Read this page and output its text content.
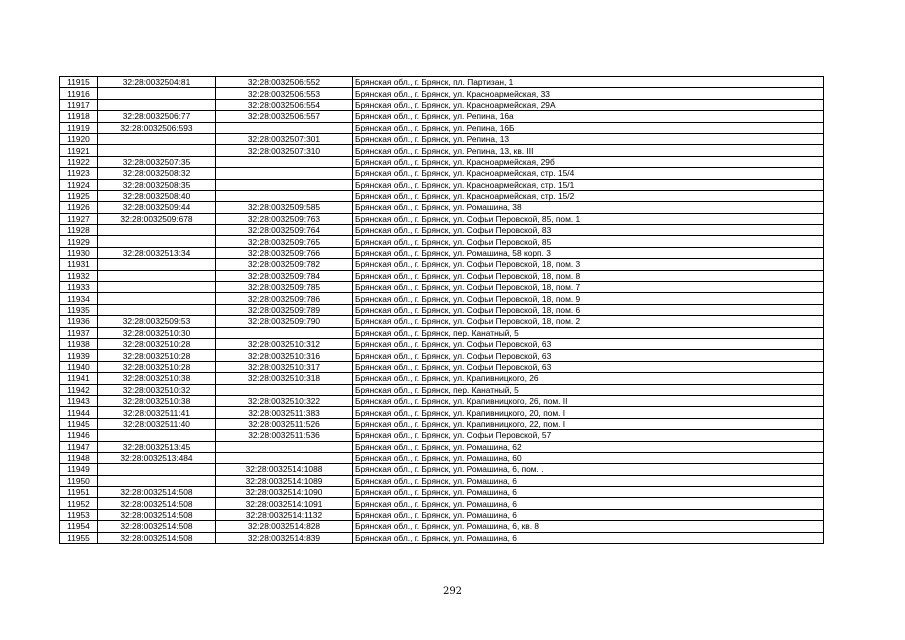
11915	32:28:0032504:81	32:28:0032506:552	Брянская обл., г. Брянск, пл. Партизан, 1
11916		32:28:0032506:553	Брянская обл., г. Брянск, ул. Красноармейская, 33
11917		32:28:0032506:554	Брянская обл., г. Брянск, ул. Красноармейская, 29А
11918	32:28:0032506:77	32:28:0032506:557	Брянская обл., г. Брянск, ул. Репина, 16а
11919	32:28:0032506:593		Брянская обл., г. Брянск, ул. Репина, 16Б
11920		32:28:0032507:301	Брянская обл., г. Брянск, ул. Репина, 13
11921		32:28:0032507:310	Брянская обл., г. Брянск, ул. Репина, 13, кв. III
11922	32:28:0032507:35		Брянская обл., г. Брянск, ул. Красноармейская, 29б
11923	32:28:0032508:32		Брянская обл., г. Брянск, ул. Красноармейская, стр. 15/4
11924	32:28:0032508:35		Брянская обл., г. Брянск, ул. Красноармейская, стр. 15/1
11925	32:28:0032508:40		Брянская обл., г. Брянск, ул. Красноармейская, стр. 15/2
11926	32:28:0032509:44	32:28:0032509:585	Брянская обл., г. Брянск, ул. Ромашина, 38
11927	32:28:0032509:678	32:28:0032509:763	Брянская обл., г. Брянск, ул. Софьи Перовской, 85, пом. 1
11928		32:28:0032509:764	Брянская обл., г. Брянск, ул. Софьи Перовской, 83
11929		32:28:0032509:765	Брянская обл., г. Брянск, ул. Софьи Перовской, 85
11930	32:28:0032513:34	32:28:0032509:766	Брянская обл., г. Брянск, ул. Ромашина, 58 корп. 3
11931		32:28:0032509:782	Брянская обл., г. Брянск, ул. Софьи Перовской, 18, пом. 3
11932		32:28:0032509:784	Брянская обл., г. Брянск, ул. Софьи Перовской, 18, пом. 8
11933		32:28:0032509:785	Брянская обл., г. Брянск, ул. Софьи Перовской, 18, пом. 7
11934		32:28:0032509:786	Брянская обл., г. Брянск, ул. Софьи Перовской, 18, пом. 9
11935		32:28:0032509:789	Брянская обл., г. Брянск, ул. Софьи Перовской, 18, пом. 6
11936	32:28:0032509:53	32:28:0032509:790	Брянская обл., г. Брянск, ул. Софьи Перовской, 18, пом. 2
11937	32:28:0032510:30		Брянская обл., г. Брянск, пер. Канатный, 5
11938	32:28:0032510:28	32:28:0032510:312	Брянская обл., г. Брянск, ул. Софьи Перовской, 63
11939	32:28:0032510:28	32:28:0032510:316	Брянская обл., г. Брянск, ул. Софьи Перовской, 63
11940	32:28:0032510:28	32:28:0032510:317	Брянская обл., г. Брянск, ул. Софьи Перовской, 63
11941	32:28:0032510:38	32:28:0032510:318	Брянская обл., г. Брянск, ул. Крапивницкого, 26
11942	32:28:0032510:32		Брянская обл., г. Брянск, пер. Канатный, 5
11943	32:28:0032510:38	32:28:0032510:322	Брянская обл., г. Брянск, ул. Крапивницкого, 26, пом. II
11944	32:28:0032511:41	32:28:0032511:383	Брянская обл., г. Брянск, ул. Крапивницкого, 20, пом. I
11945	32:28:0032511:40	32:28:0032511:526	Брянская обл., г. Брянск, ул. Крапивницкого, 22, пом. I
11946		32:28:0032511:536	Брянская обл., г. Брянск, ул. Софьи Перовской, 57
11947	32:28:0032513:45		Брянская обл., г. Брянск, ул. Ромашина, 62
11948	32:28:0032513:484		Брянская обл., г. Брянск, ул. Ромашина, 60
11949		32:28:0032514:1088	Брянская обл., г. Брянск, ул. Ромашина, 6, пом. .
11950		32:28:0032514:1089	Брянская обл., г. Брянск, ул. Ромашина, 6
11951	32:28:0032514:508	32:28:0032514:1090	Брянская обл., г. Брянск, ул. Ромашина, 6
11952	32:28:0032514:508	32:28:0032514:1091	Брянская обл., г. Брянск, ул. Ромашина, 6
11953	32:28:0032514:508	32:28:0032514:1132	Брянская обл., г. Брянск, ул. Ромашина, 6
11954	32:28:0032514:508	32:28:0032514:828	Брянская обл., г. Брянск, ул. Ромашина, 6, кв. 8
11955	32:28:0032514:508	32:28:0032514:839	Брянская обл., г. Брянск, ул. Ромашина, 6
292
